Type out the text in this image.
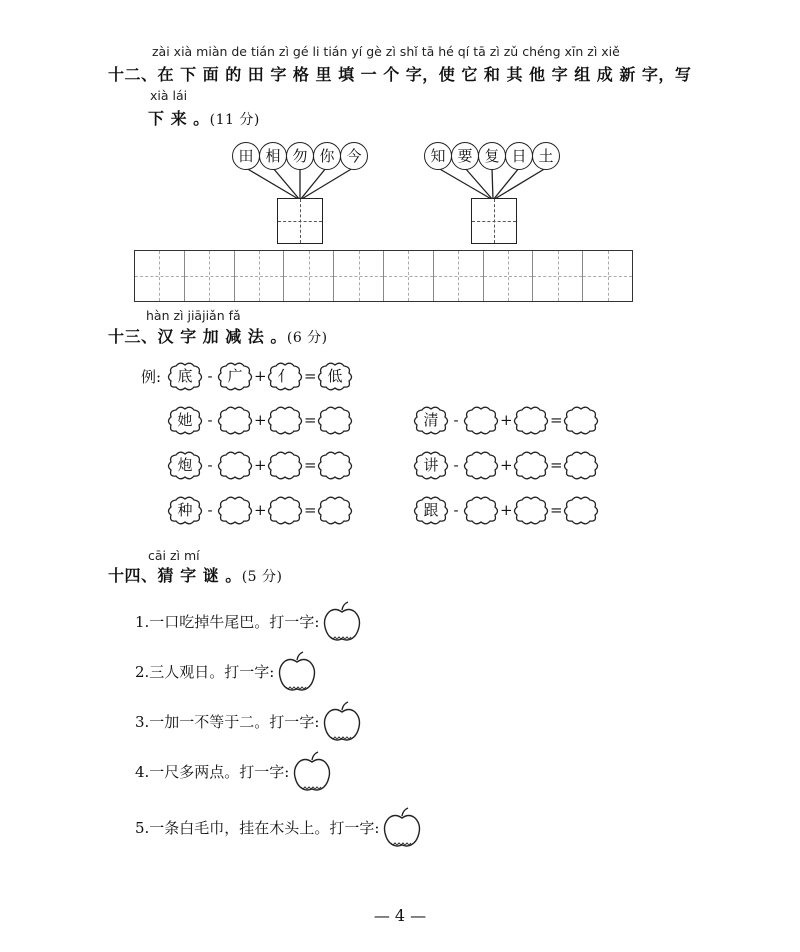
zài xià miàn de tián zì gé li tián yí gè zì shǐ tā hé qí tā zì zǔ chéng xīn zì xiě
十二、在 下 面 的 田 字 格 里 填 一 个 字，使 它 和 其 他 字 组 成 新 字，写
xià lái
下 来 。(11 分)
田 相 勿 你 今	知 要 复 日 土
hàn zì jiājiǎn fǎ
十三、汉 字 加 减 法 。(6 分)
例:	底 - 广 + 亻 = 低
她 -	+ =
炮 -	+ =
种 -	+ =
清 -	+ =
讲 -	+ =
跟 -	+ =
cāi zì mí
十四、猜 字 谜 。(5 分)
1.一口吃掉牛尾巴。打一字:
2.三人观日。打一字:
3.一加一不等于二。打一字:
4.一尺多两点。打一字:
5.一条白毛巾，挂在木头上。打一字:
— 4 —
